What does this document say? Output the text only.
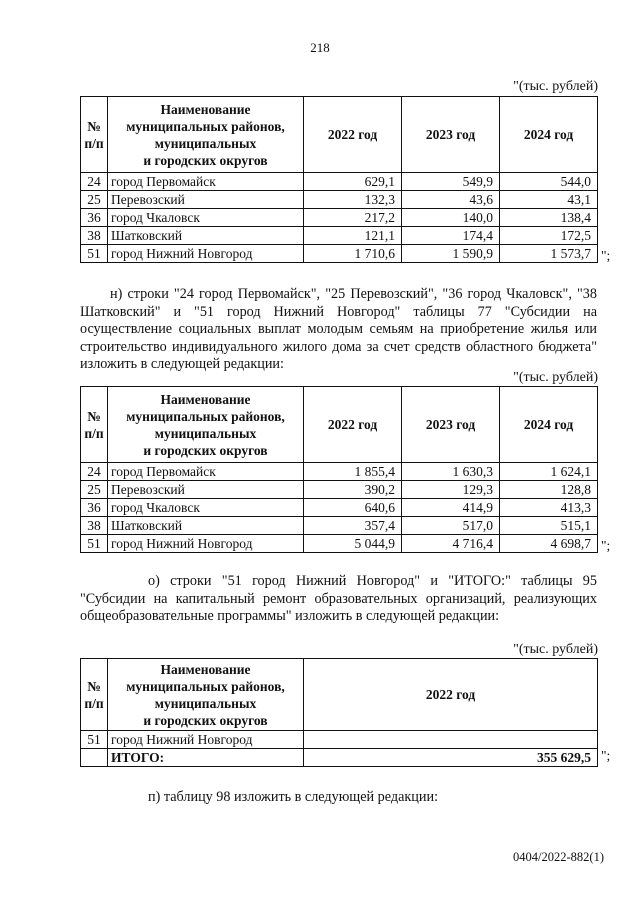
218
"(тыс. рублей)
№
п/п	Наименование
муниципальных районов,
муниципальных
и городских округов	2022 год	2023 год	2024 год
24	город Первомайск	629,1	549,9	544,0
25	Перевозский	132,3	43,6	43,1
36	город Чкаловск	217,2	140,0	138,4
38	Шатковский	121,1	174,4	172,5
51	город Нижний Новгород	1 710,6	1 590,9	1 573,7 ";

н) строки "24 город Первомайск", "25 Перевозский", "36 город Чкаловск", "38 Шатковский" и "51 город Нижний Новгород" таблицы 77 "Субсидии на осуществление социальных выплат молодым семьям на приобретение жилья или строительство индивидуального жилого дома за счет средств областного бюджета" изложить в следующей редакции:

"(тыс. рублей)
№
п/п	Наименование
муниципальных районов,
муниципальных
и городских округов	2022 год	2023 год	2024 год
24	город Первомайск	1 855,4	1 630,3	1 624,1
25	Перевозский	390,2	129,3	128,8
36	город Чкаловск	640,6	414,9	413,3
38	Шатковский	357,4	517,0	515,1
51	город Нижний Новгород	5 044,9	4 716,4	4 698,7 ";

о) строки "51 город Нижний Новгород" и "ИТОГО:" таблицы 95 "Субсидии на капитальный ремонт образовательных организаций, реализующих общеобразовательные программы" изложить в следующей редакции:

"(тыс. рублей)
№
п/п	Наименование
муниципальных районов,
муниципальных
и городских округов	2022 год
51	город Нижний Новгород	
	ИТОГО:	355 629,5 ";

п) таблицу 98 изложить в следующей редакции:

0404/2022-882(1)
